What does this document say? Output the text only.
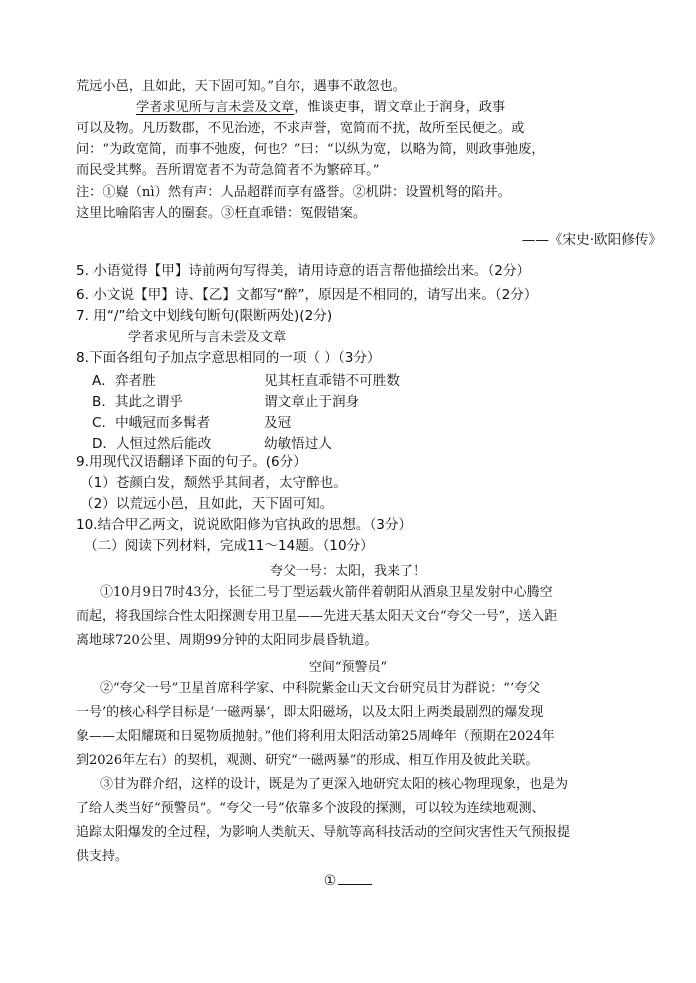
荒远小邑，且如此，天下固可知。”自尔，遇事不敢忽也。
学者求见所与言未尝及文章，惟谈吏事，谓文章止于润身，政事
可以及物。凡历数郡，不见治迹，不求声誉，宽简而不扰，故所至民便之。或
问：“为政宽简，而事不弛废，何也？”曰：“以纵为宽，以略为简，则政事弛废，
而民受其弊。吾所谓宽者不为苛急简者不为繁碎耳。”
注：①嶷（nì）然有声：人品超群而享有盛誉。②机阱：设置机弩的陷井。
这里比喻陷害人的圈套。③枉直乖错：冤假错案。
——《宋史·欧阳修传》
5. 小语觉得【甲】诗前两句写得美，请用诗意的语言帮他描绘出来。（2分）
6. 小文说【甲】诗、【乙】文都写“醉”，原因是不相同的，请写出来。（2分）
7. 用“/”给文中划线句断句(限断两处)(2分)
学者求见所与言未尝及文章
8.下面各组句子加点字意思相同的一项（ ）（3分）
A．弈者胜	见其枉直乖错不可胜数
B．其此之谓乎	谓文章止于润身
C．中峨冠而多髯者	及冠
D．人恒过然后能改	幼敏悟过人
9.用现代汉语翻译下面的句子。(6分）
（1）苍颜白发，颓然乎其间者，太守醉也。
（2）以荒远小邑，且如此，天下固可知。
10.结合甲乙两文，说说欧阳修为官执政的思想。（3分）
（二）阅读下列材料，完成11～14题。（10分）
夸父一号：太阳，我来了！
①10月9日7时43分，长征二号丁型运载火箭伴着朝阳从酒泉卫星发射中心腾空
而起，将我国综合性太阳探测专用卫星——先进天基太阳天文台“夸父一号”，送入距
离地球720公里、周期99分钟的太阳同步晨昏轨道。
空间“预警员”
②“夸父一号”卫星首席科学家、中科院紫金山天文台研究员甘为群说：“‘夸父
一号’的核心科学目标是‘一磁两暴’，即太阳磁场，以及太阳上两类最剧烈的爆发现
象——太阳耀斑和日冕物质抛射。”他们将利用太阳活动第25周峰年（预期在2024年
到2026年左右）的契机，观测、研究“一磁两暴”的形成、相互作用及彼此关联。
③甘为群介绍，这样的设计，既是为了更深入地研究太阳的核心物理现象，也是为
了给人类当好“预警员”。“夸父一号”依靠多个波段的探测，可以较为连续地观测、
追踪太阳爆发的全过程，为影响人类航天、导航等高科技活动的空间灾害性天气预报提
供支持。
①
